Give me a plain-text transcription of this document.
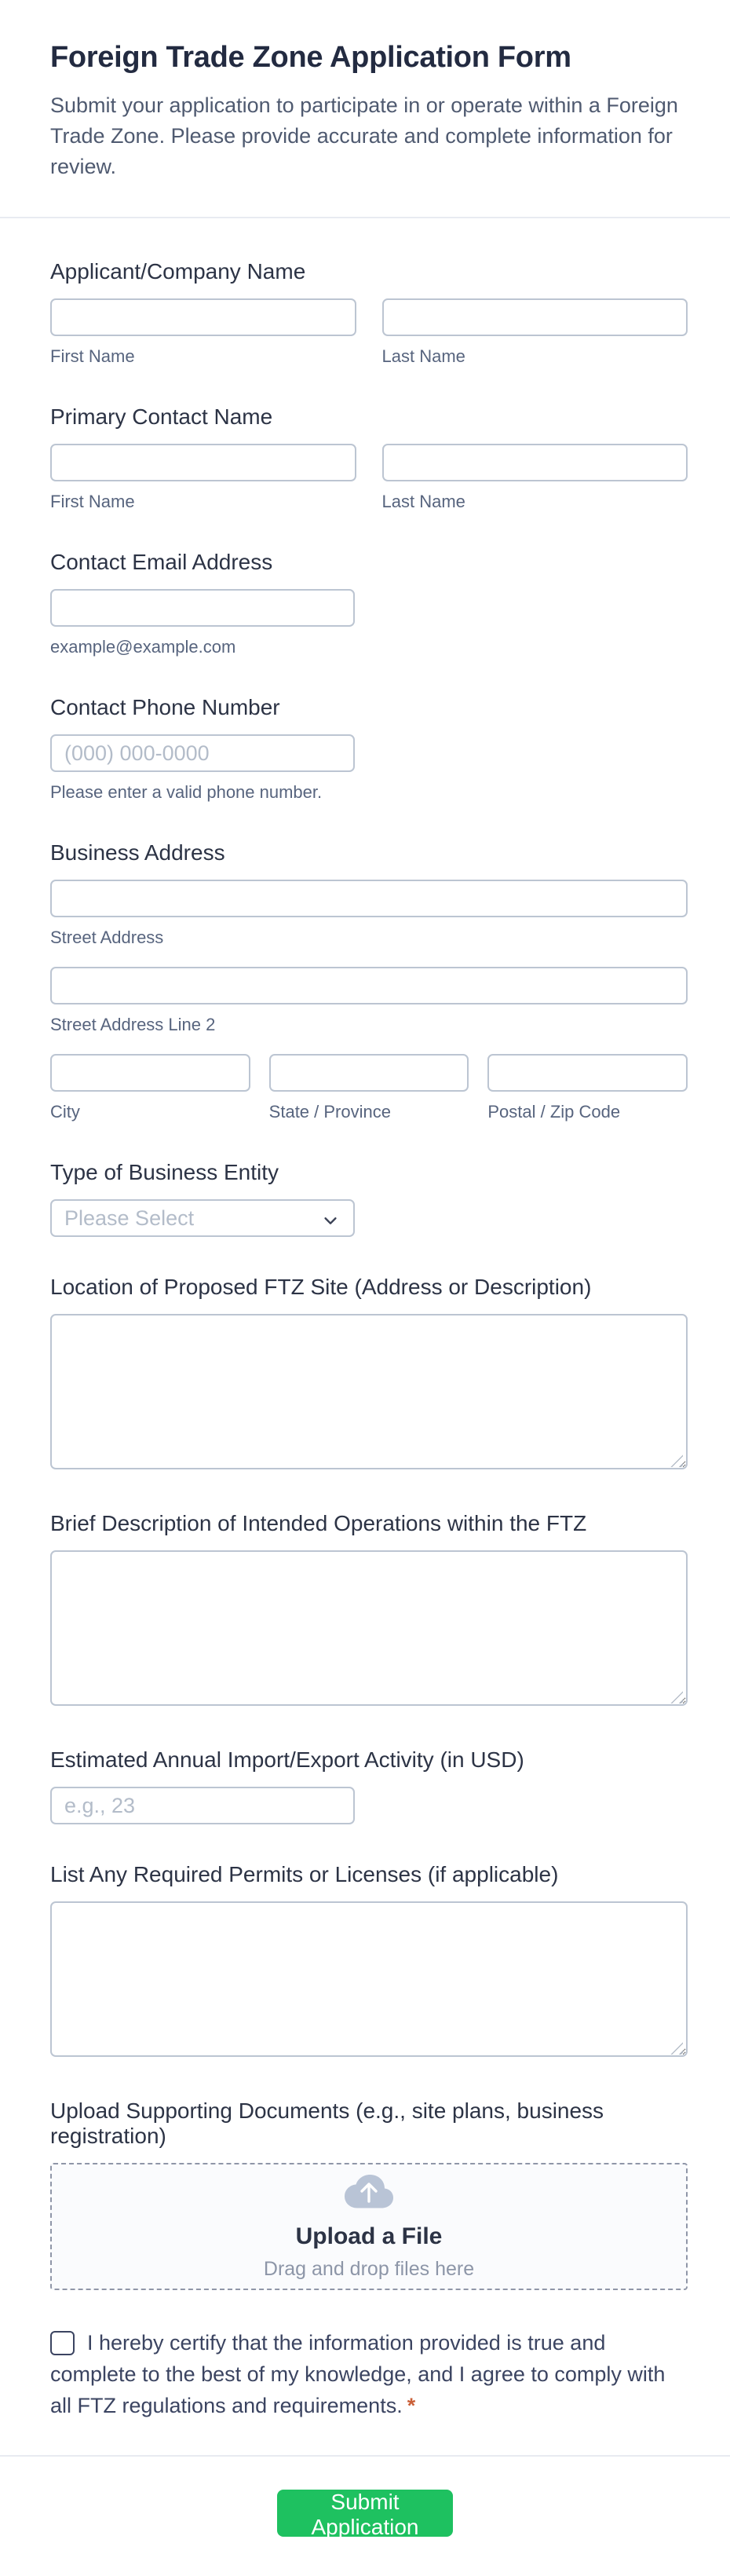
Foreign Trade Zone Application Form
Submit your application to participate in or operate within a Foreign Trade Zone. Please provide accurate and complete information for review.
Applicant/Company Name
First Name	Last Name
Primary Contact Name
First Name	Last Name
Contact Email Address
example@example.com
Contact Phone Number
(000) 000-0000
Please enter a valid phone number.
Business Address
Street Address
Street Address Line 2
City	State / Province	Postal / Zip Code
Type of Business Entity
Please Select
Location of Proposed FTZ Site (Address or Description)
Brief Description of Intended Operations within the FTZ
Estimated Annual Import/Export Activity (in USD)
e.g., 23
List Any Required Permits or Licenses (if applicable)
Upload Supporting Documents (e.g., site plans, business registration)
Upload a File
Drag and drop files here
I hereby certify that the information provided is true and complete to the best of my knowledge, and I agree to comply with all FTZ regulations and requirements. *
Submit Application
